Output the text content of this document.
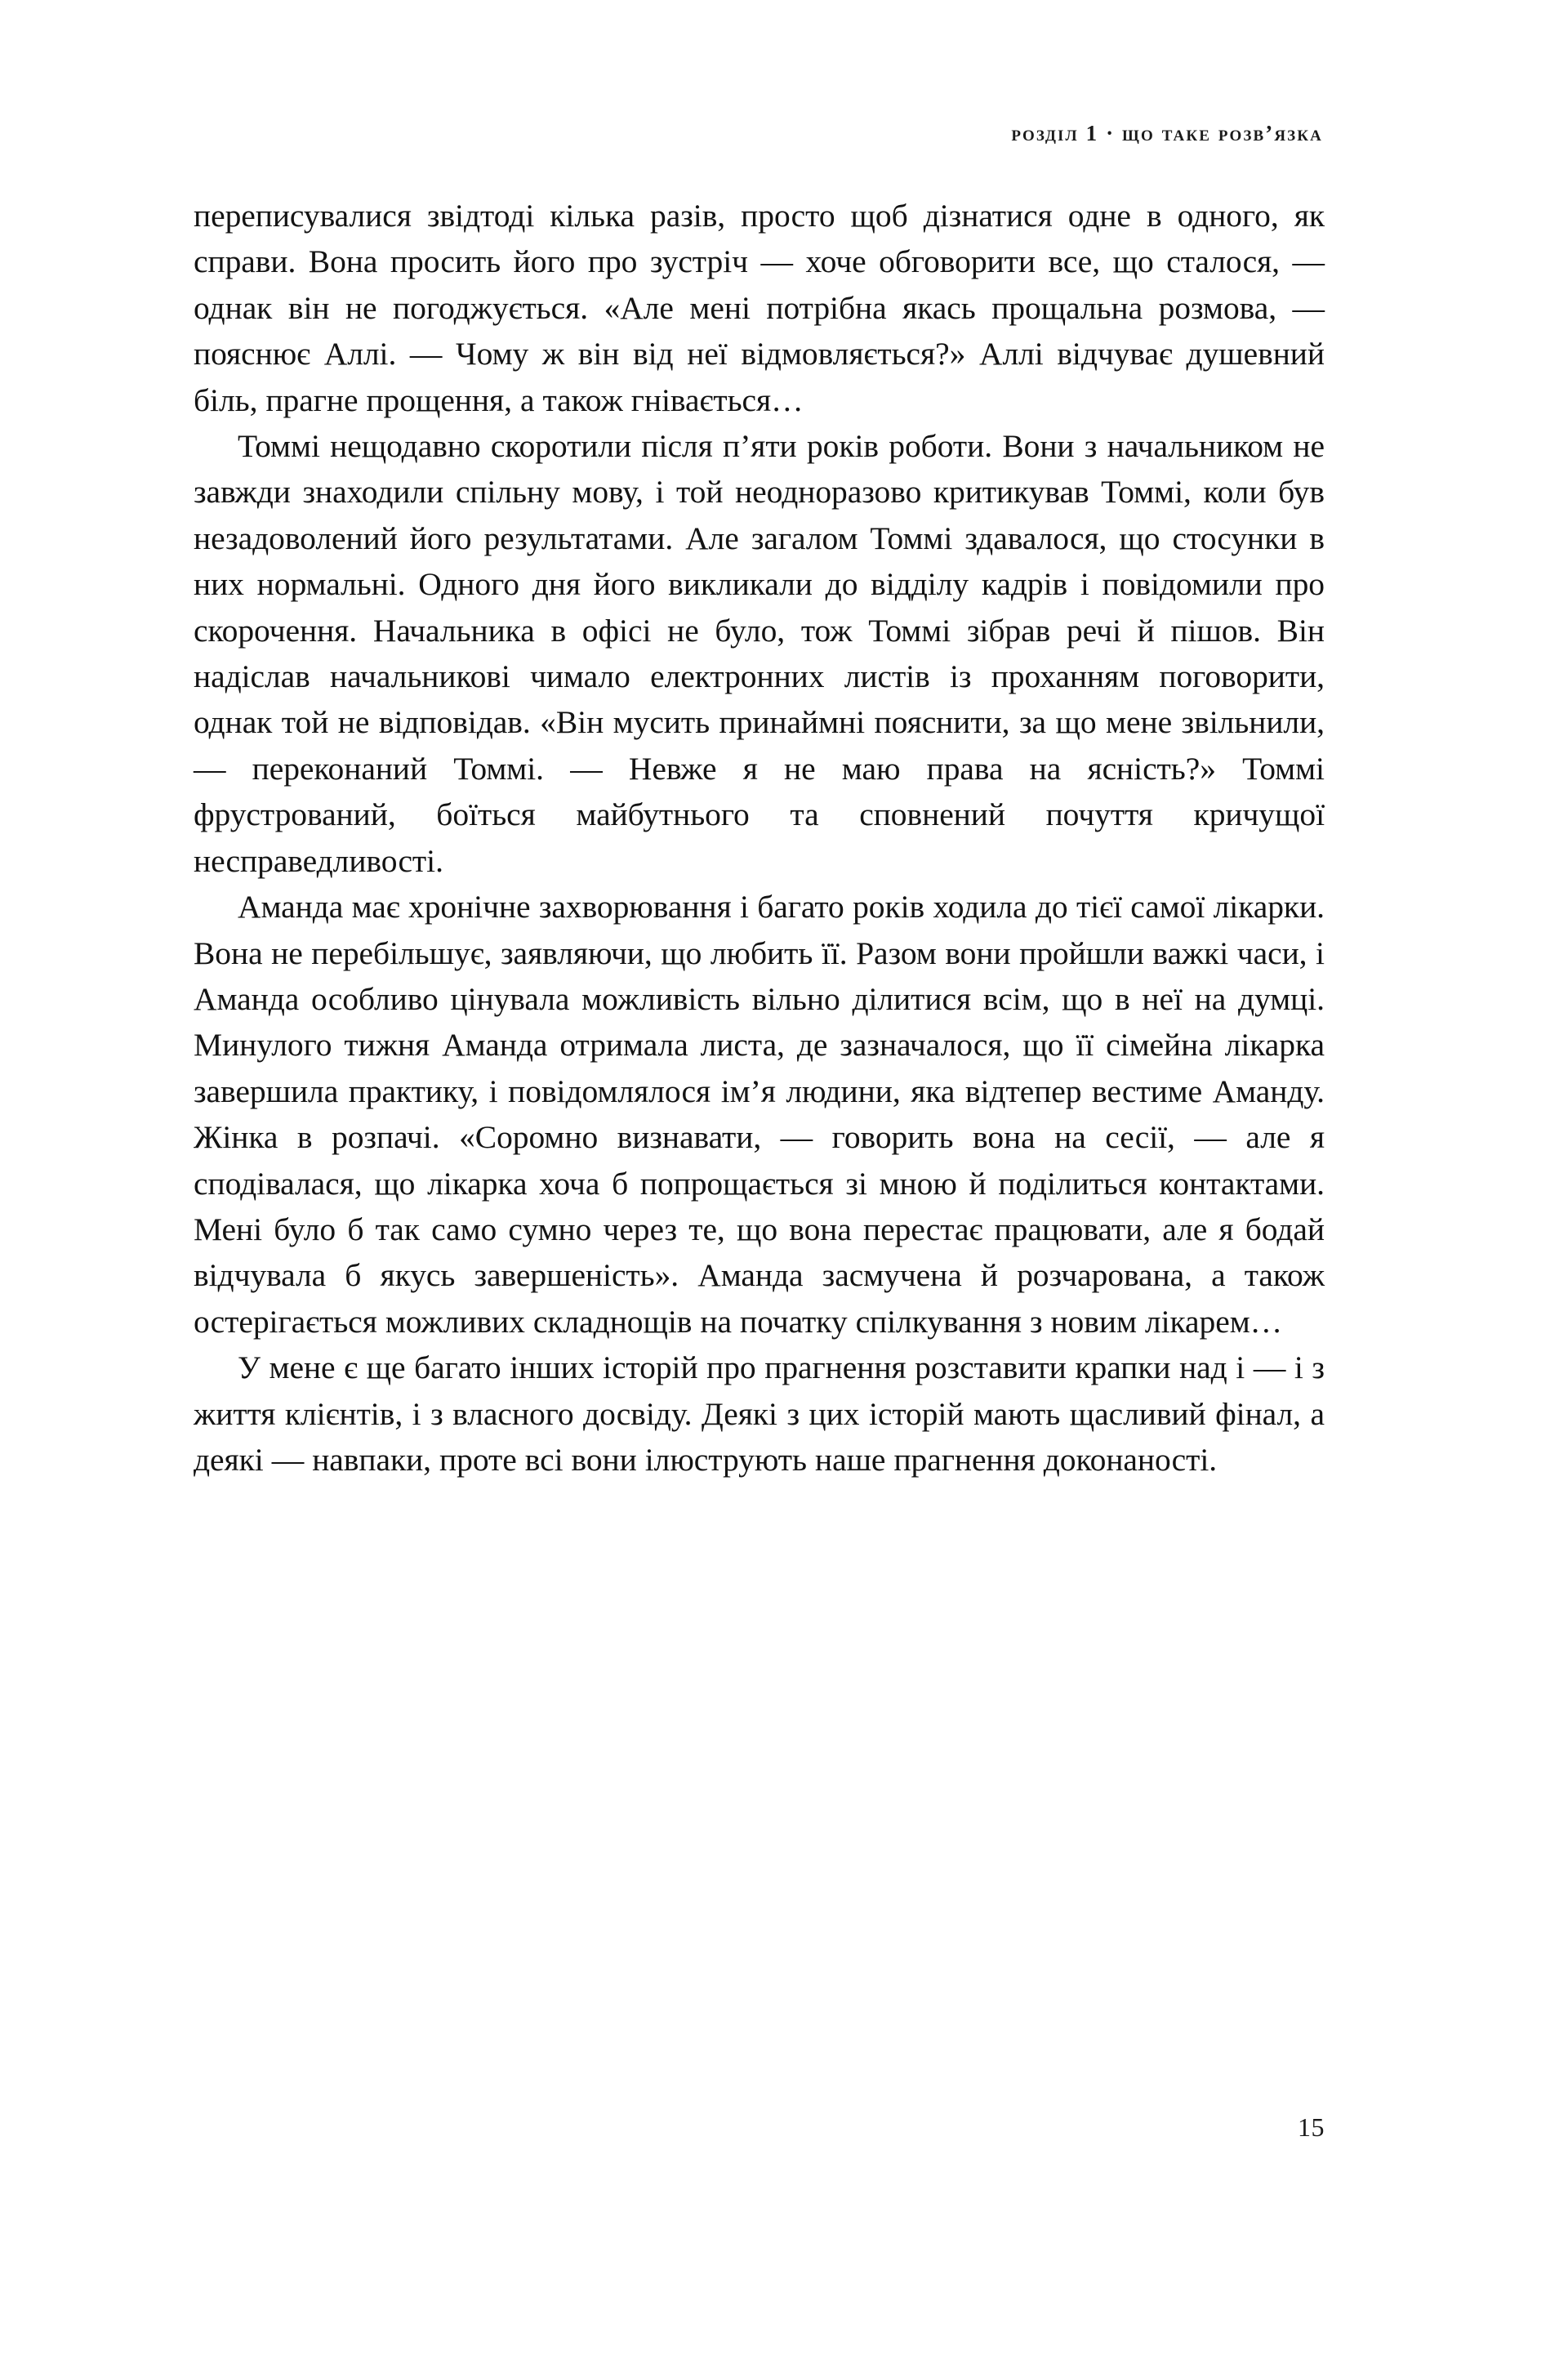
розділ 1 · що таке розв’язка

переписувалися звідтоді кілька разів, просто щоб дізнатися одне в одного, як справи. Вона просить його про зустріч — хоче обговорити все, що сталося, — однак він не погоджується. «Але мені потрібна якась прощальна розмова, — пояснює Аллі. — Чому ж він від неї відмовляється?» Аллі відчуває душевний біль, прагне прощення, а також гнівається…

Томмі нещодавно скоротили після п’яти років роботи. Вони з начальником не завжди знаходили спільну мову, і той неодноразово критикував Томмі, коли був незадоволений його результатами. Але загалом Томмі здавалося, що стосунки в них нормальні. Одного дня його викликали до відділу кадрів і повідомили про скорочення. Начальника в офісі не було, тож Томмі зібрав речі й пішов. Він надіслав начальникові чимало електронних листів із проханням поговорити, однак той не відповідав. «Він мусить принаймні пояснити, за що мене звільнили, — переконаний Томмі. — Невже я не маю права на ясність?» Томмі фрустрований, боїться майбутнього та сповнений почуття кричущої несправедливості.

Аманда має хронічне захворювання і багато років ходила до тієї самої лікарки. Вона не перебільшує, заявляючи, що любить її. Разом вони пройшли важкі часи, і Аманда особливо цінувала можливість вільно ділитися всім, що в неї на думці. Минулого тижня Аманда отримала листа, де зазначалося, що її сімейна лікарка завершила практику, і повідомлялося ім’я людини, яка відтепер вестиме Аманду. Жінка в розпачі. «Соромно визнавати, — говорить вона на сесії, — але я сподівалася, що лікарка хоча б попрощається зі мною й поділиться контактами. Мені було б так само сумно через те, що вона перестає працювати, але я бодай відчувала б якусь завершеність». Аманда засмучена й розчарована, а також остерігається можливих складнощів на початку спілкування з новим лікарем…

У мене є ще багато інших історій про прагнення розставити крапки над і — і з життя клієнтів, і з власного досвіду. Деякі з цих історій мають щасливий фінал, а деякі — навпаки, проте всі вони ілюструють наше прагнення доконаності.

15
